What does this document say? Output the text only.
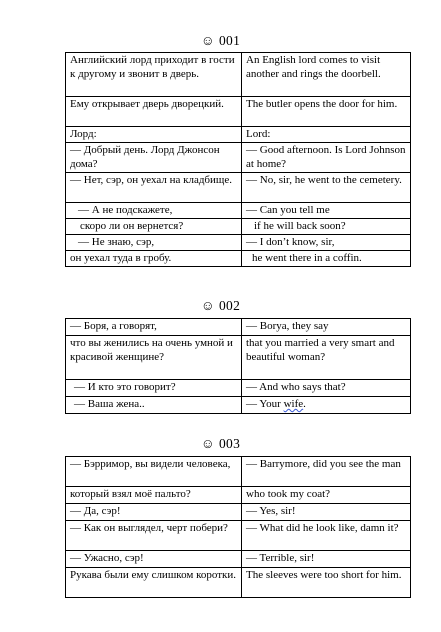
☺ 001
Английский лорд приходит в гости к другому и звонит в дверь.	An English lord comes to visit another and rings the doorbell.
Ему открывает дверь дворецкий.	The butler opens the door for him.
Лорд:	Lord:
— Добрый день. Лорд Джонсон дома?	— Good afternoon. Is Lord Johnson at home?
— Нет, сэр, он уехал на кладбище.	— No, sir, he went to the cemetery.
— А не подскажете,	— Can you tell me
скоро ли он вернется?	if he will back soon?
— Не знаю, сэр,	— I don’t know, sir,
он уехал туда в гробу.	he went there in a coffin.
☺ 002
— Боря, а говорят,	— Borya, they say
что вы женились на очень умной и красивой женщине?	that you married a very smart and beautiful woman?
— И кто это говорит?	— And who says that?
— Ваша жена..	— Your wife.
☺ 003
— Бэрримор, вы видели человека,	— Barrymore, did you see the man
который взял моё пальто?	who took my coat?
— Да, сэр!	— Yes, sir!
— Как он выглядел, черт побери?	— What did he look like, damn it?
— Ужасно, сэр!	— Terrible, sir!
Рукава были ему слишком коротки.	The sleeves were too short for him.
